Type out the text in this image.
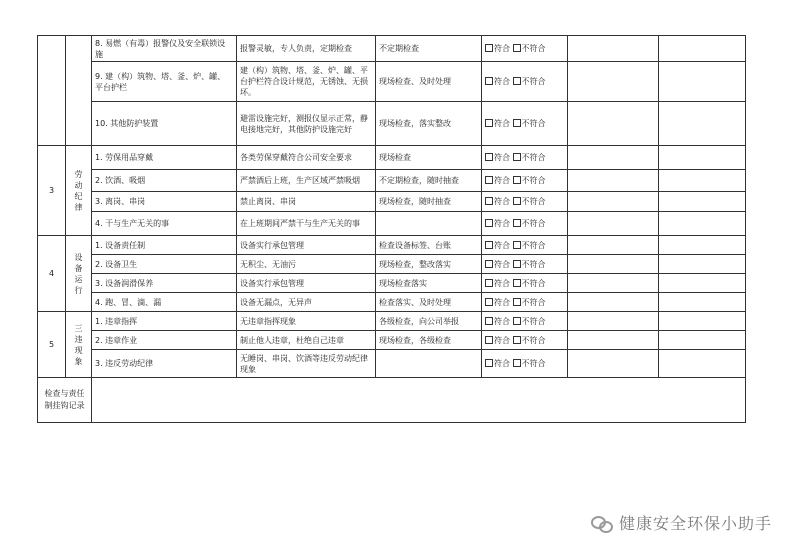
		8. 易燃（有毒）报警仪及安全联锁设施	报警灵敏，专人负责，定期检查	不定期检查	符合 不符合		
		9. 建（构）筑物、塔、釜、炉、罐、平台护栏	建（构）筑物、塔、釜、炉、罐、平台护栏符合设计规范，无锈蚀、无损坏。	现场检查、及时处理	符合 不符合		
		10. 其他防护装置	避雷设施完好，测报仪显示正常，静电接地完好，其他防护设施完好	现场检查，落实整改	符合 不符合		
3	劳动纪律	1. 劳保用品穿戴	各类劳保穿戴符合公司安全要求	现场检查	符合 不符合		
		2. 饮酒、吸烟	严禁酒后上班，生产区域严禁吸烟	不定期检查，随时抽查	符合 不符合		
		3. 离岗、串岗	禁止离岗、串岗	现场检查，随时抽查	符合 不符合		
		4. 干与生产无关的事	在上班期间严禁干与生产无关的事		符合 不符合		
4	设备运行	1. 设备责任制	设备实行承包管理	检查设备标签、台账	符合 不符合		
		2. 设备卫生	无积尘、无油污	现场检查，整改落实	符合 不符合		
		3. 设备润滑保养	设备实行承包管理	现场检查落实	符合 不符合		
		4. 跑、冒、滴、漏	设备无漏点，无异声	检查落实、及时处理	符合 不符合		
5	三违现象	1. 违章指挥	无违章指挥现象	各级检查，向公司举报	符合 不符合		
		2. 违章作业	制止他人违章，杜绝自己违章	现场检查，各级检查	符合 不符合		
		3. 违反劳动纪律	无睡岗、串岗、饮酒等违反劳动纪律现象		符合 不符合		
检查与责任制挂钩记录							
健康安全环保小助手
